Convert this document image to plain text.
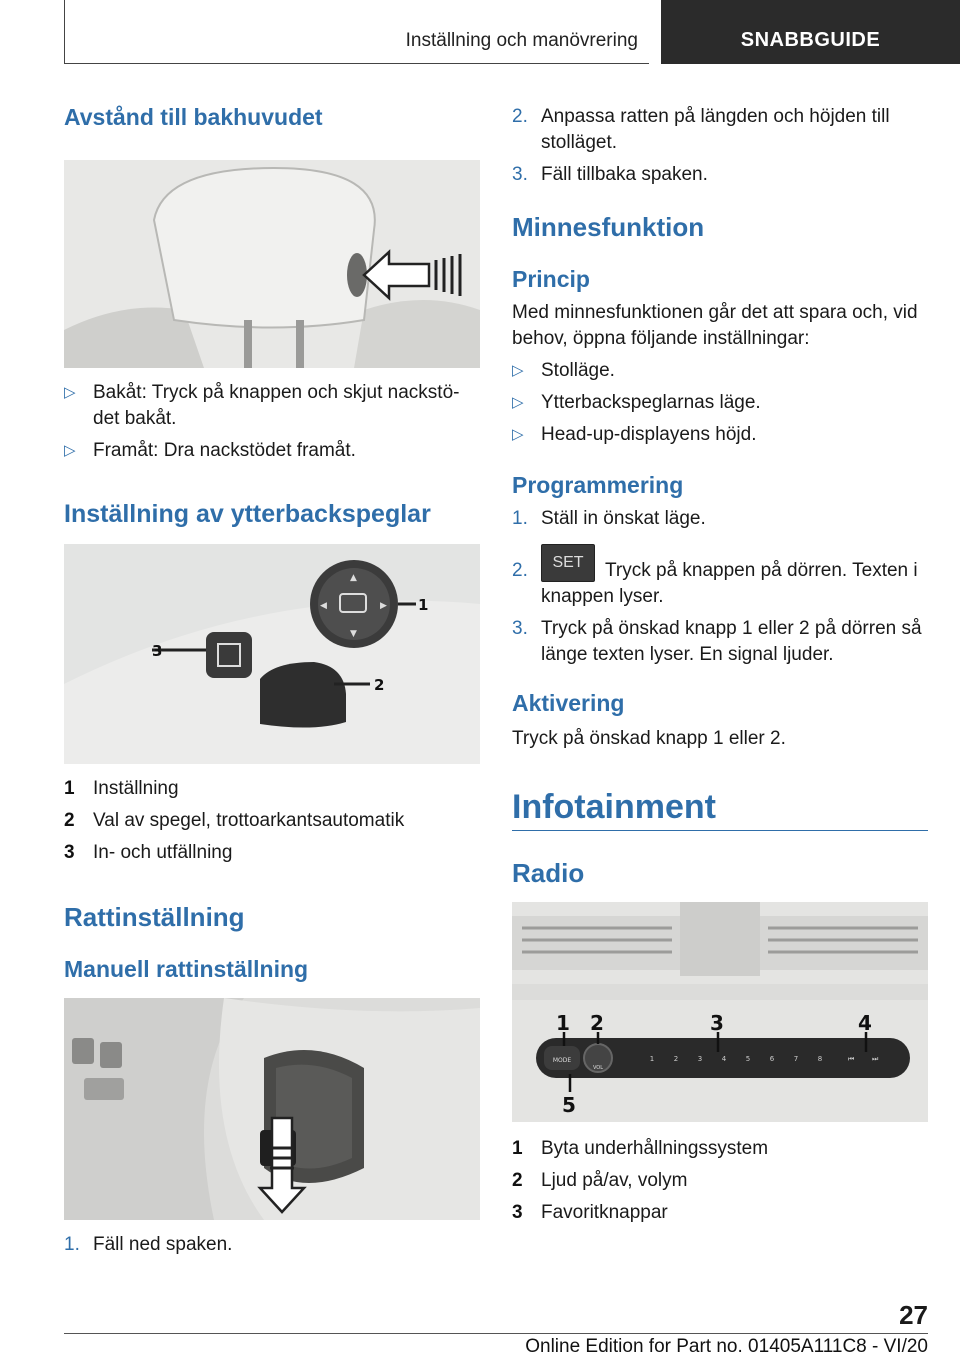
Inställning och manövrering	SNABBGUIDE
Avstånd till bakhuvudet
▷ Bakåt: Tryck på knappen och skjut nackstö-
det bakåt.
▷ Framåt: Dra nackstödet framåt.
Inställning av ytterbackspeglar
▲
▼
◀	▶ 1
2
3
1 Inställning
2 Val av spegel, trottoarkantsautomatik
3 In- och utfällning
Rattinställning
Manuell rattinställning
1. Fäll ned spaken.
2. Anpassa ratten på längden och höjden till stolläget.
3. Fäll tillbaka spaken.
Minnesfunktion
Princip
Med minnesfunktionen går det att spara och, vid behov, öppna följande inställningar:
▷ Stolläge.
▷ Ytterbackspeglarnas läge.
▷ Head-up-displayens höjd.
Programmering
1. Ställ in önskat läge.
2.	SET Tryck på knappen på dörren. Texten i knappen lyser.
3. Tryck på önskad knapp 1 eller 2 på dörren så länge texten lyser. En signal ljuder.
Aktivering
Tryck på önskad knapp 1 eller 2.
Infotainment
Radio
MODE
VOL
1	2	3	4	5	6	7	8	⏮	⏭
1 2	3	4
5
1 Byta underhållningssystem
2 Ljud på/av, volym
3 Favoritknappar
27
Online Edition for Part no. 01405A111C8 - VI/20
